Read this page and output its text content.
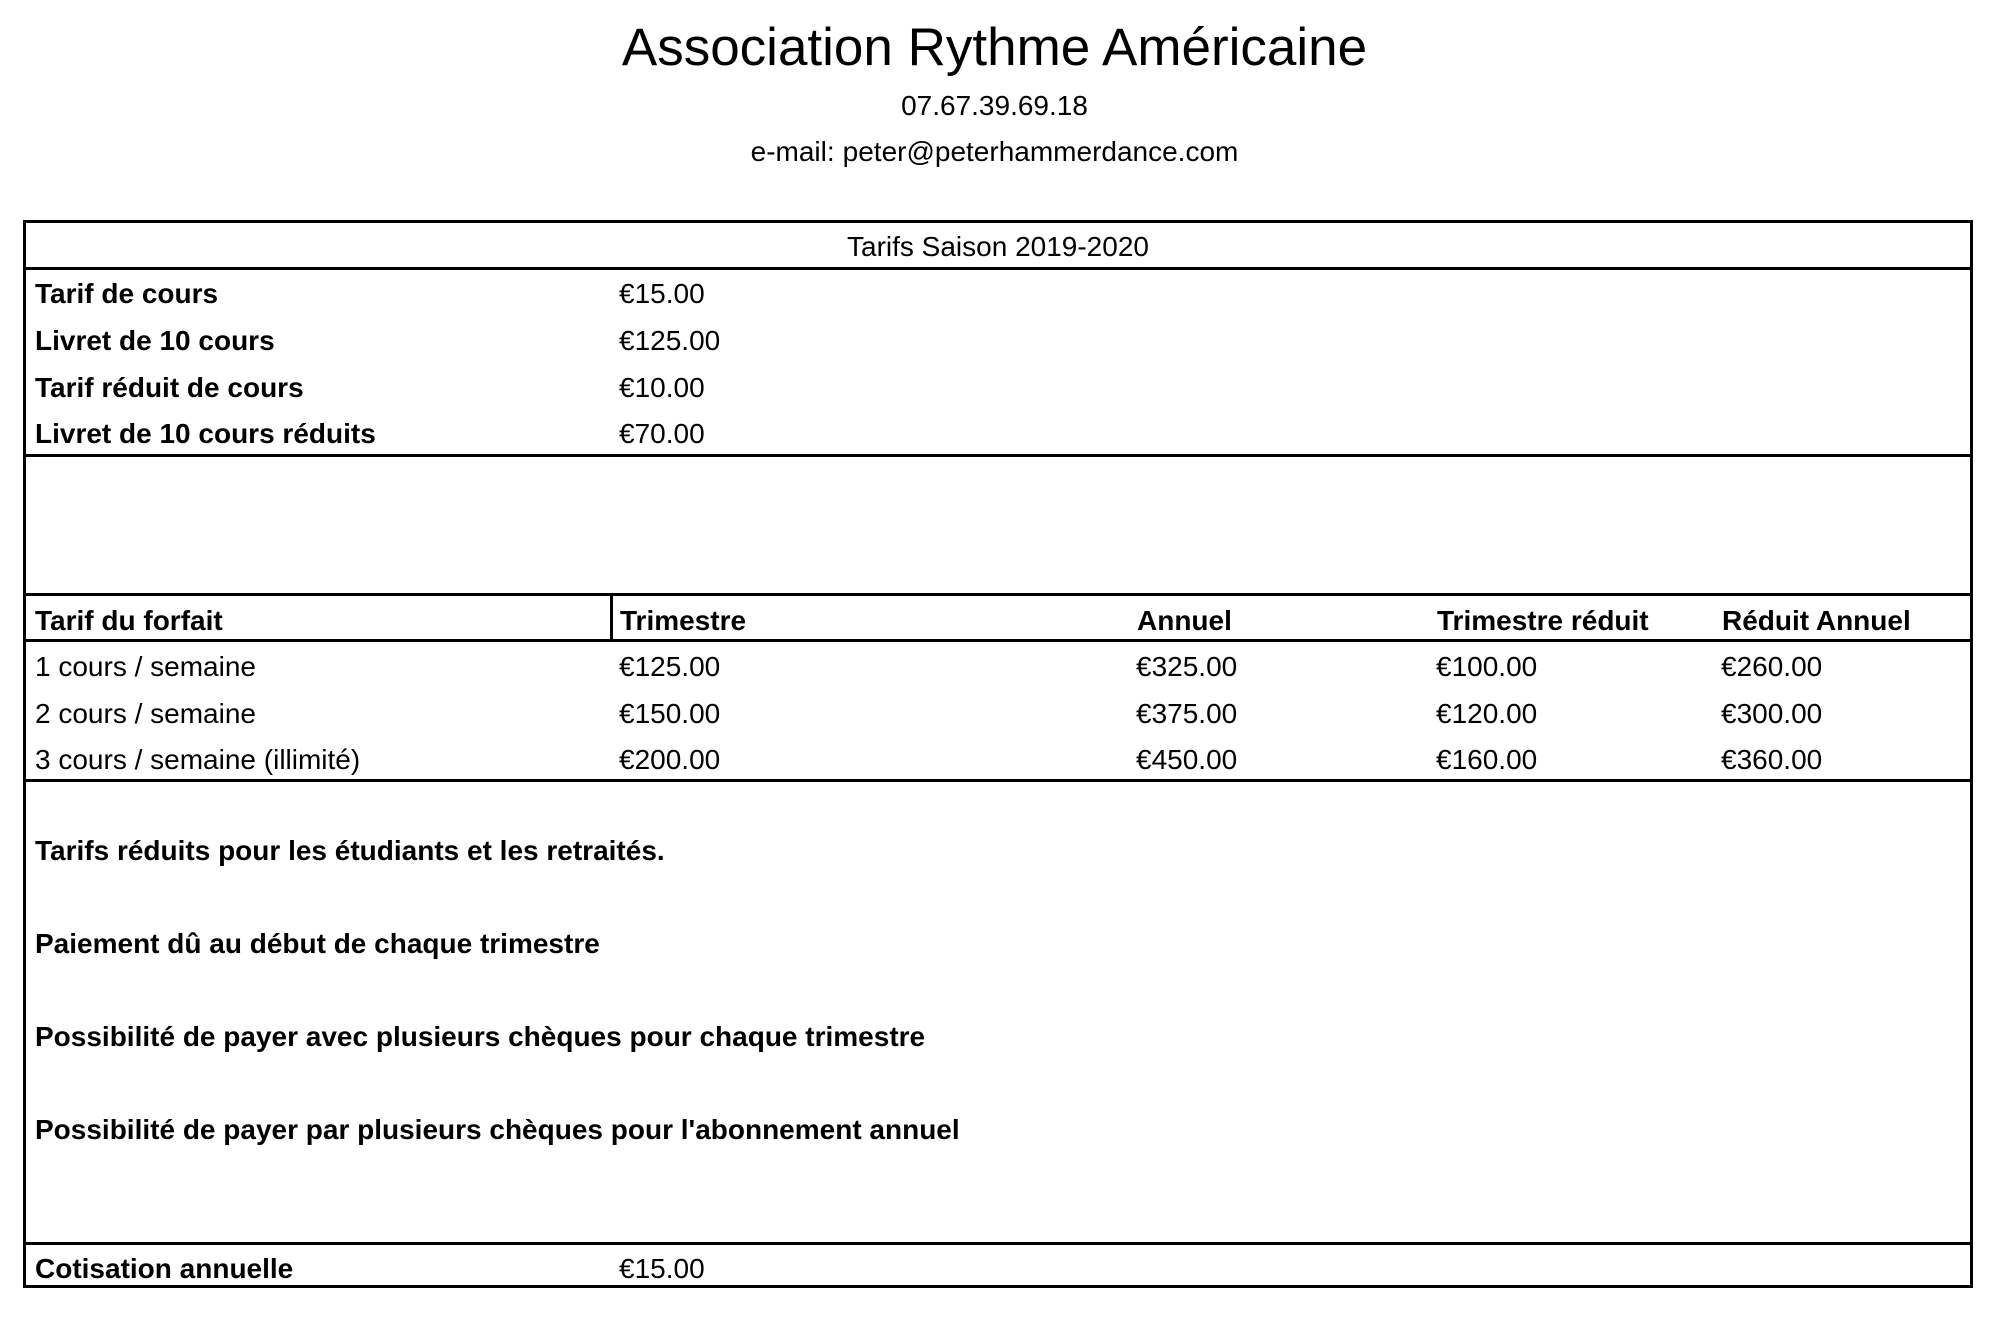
Association Rythme Américaine
07.67.39.69.18
e-mail: peter@peterhammerdance.com
Tarifs Saison 2019-2020
Tarif de cours	€15.00
Livret de 10 cours	€125.00
Tarif réduit de cours	€10.00
Livret de 10 cours réduits	€70.00
Tarif du forfait	Trimestre	Annuel	Trimestre réduit	Réduit Annuel
1 cours / semaine	€125.00	€325.00	€100.00	€260.00
2 cours / semaine	€150.00	€375.00	€120.00	€300.00
3 cours / semaine (illimité)	€200.00	€450.00	€160.00	€360.00
Tarifs réduits pour les étudiants et les retraités.
Paiement dû au début de chaque trimestre
Possibilité de payer avec plusieurs chèques pour chaque trimestre
Possibilité de payer par plusieurs chèques pour l'abonnement annuel
Cotisation annuelle	€15.00
